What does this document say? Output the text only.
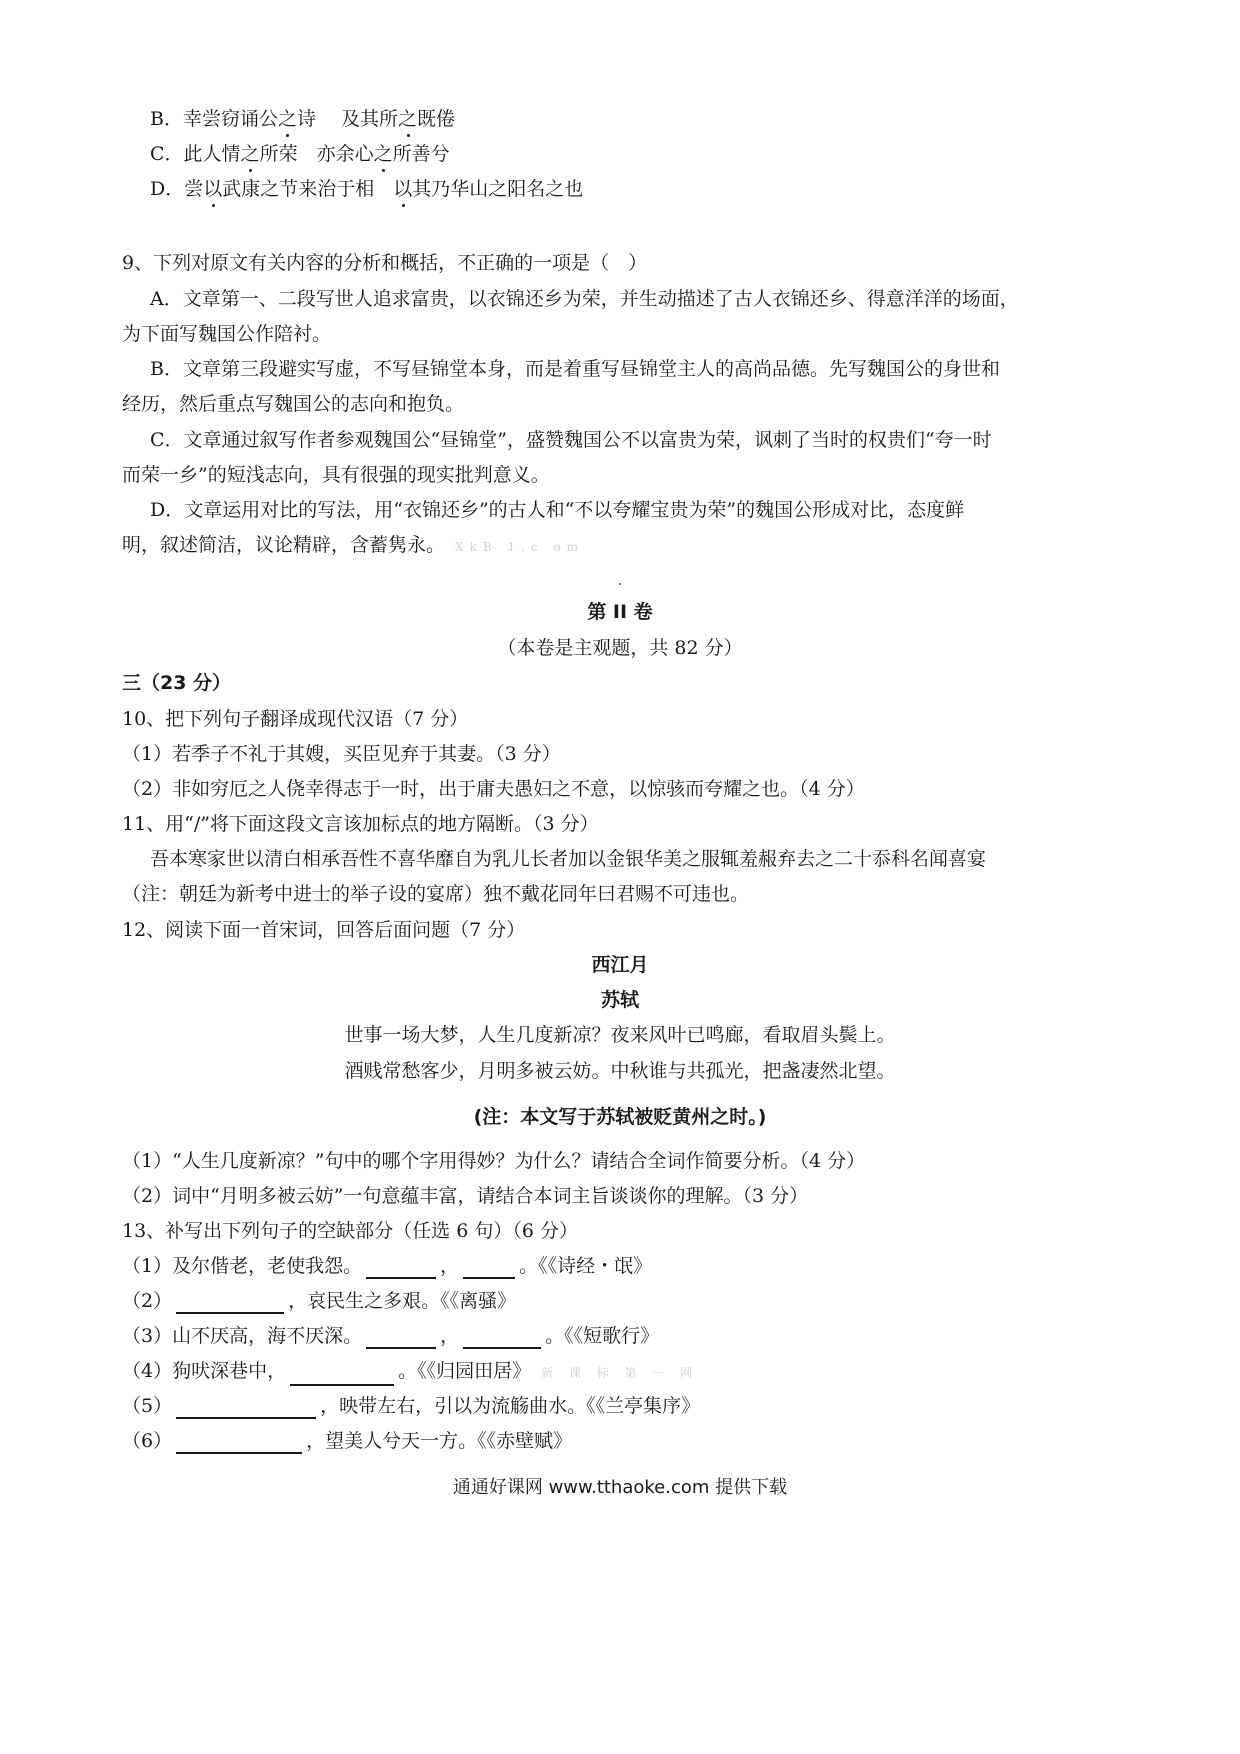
B．幸尝窃诵公之诗　 及其所之既倦
C．此人情之所荣　亦余心之所善兮
D．尝以武康之节来治于相　以其乃华山之阳名之也
9、下列对原文有关内容的分析和概括，不正确的一项是（　）
A．文章第一、二段写世人追求富贵，以衣锦还乡为荣，并生动描述了古人衣锦还乡、得意洋洋的场面，
为下面写魏国公作陪衬。
B．文章第三段避实写虚，不写昼锦堂本身，而是着重写昼锦堂主人的高尚品德。先写魏国公的身世和
经历，然后重点写魏国公的志向和抱负。
C．文章通过叙写作者参观魏国公“昼锦堂”，盛赞魏国公不以富贵为荣，讽刺了当时的权贵们“夸一时
而荣一乡”的短浅志向，具有很强的现实批判意义。
D．文章运用对比的写法，用“衣锦还乡”的古人和“不以夸耀宝贵为荣”的魏国公形成对比，态度鲜
明，叙述简洁，议论精辟，含蓄隽永。 XkB 1.c om
第 II 卷
（本卷是主观题，共 82 分）
三（23 分）
10、把下列句子翻译成现代汉语（7 分）
（1）若季子不礼于其嫂，买臣见弃于其妻。（3 分）
（2）非如穷厄之人侥幸得志于一时，出于庸夫愚妇之不意，以惊骇而夸耀之也。（4 分）
11、用“/”将下面这段文言该加标点的地方隔断。（3 分）
吾本寒家世以清白相承吾性不喜华靡自为乳儿长者加以金银华美之服辄羞赧弃去之二十忝科名闻喜宴
（注：朝廷为新考中进士的举子设的宴席）独不戴花同年曰君赐不可违也。
12、阅读下面一首宋词，回答后面问题（7 分）
西江月
苏轼
世事一场大梦，人生几度新凉？夜来风叶已鸣廊，看取眉头鬓上。
酒贱常愁客少，月明多被云妨。中秋谁与共孤光，把盏凄然北望。
(注：本文写于苏轼被贬黄州之时。)
（1）“人生几度新凉？”句中的哪个字用得妙？为什么？请结合全词作简要分析。（4 分）
（2）词中“月明多被云妨”一句意蕴丰富，请结合本词主旨谈谈你的理解。（3 分）
13、补写出下列句子的空缺部分（任选 6 句）（6 分）
（1）及尔偕老，老使我怨。	，	。《《诗经・氓》
（2）	，哀民生之多艰。《《离骚》
（3）山不厌高，海不厌深。	，	。《《短歌行》
（4）狗吠深巷中，	。《《归园田居》 新 课 标 第 一 网
（5）	，映带左右，引以为流觞曲水。《《兰亭集序》
（6）	，望美人兮天一方。《《赤壁赋》
通通好课网 www.tthaoke.com 提供下载
